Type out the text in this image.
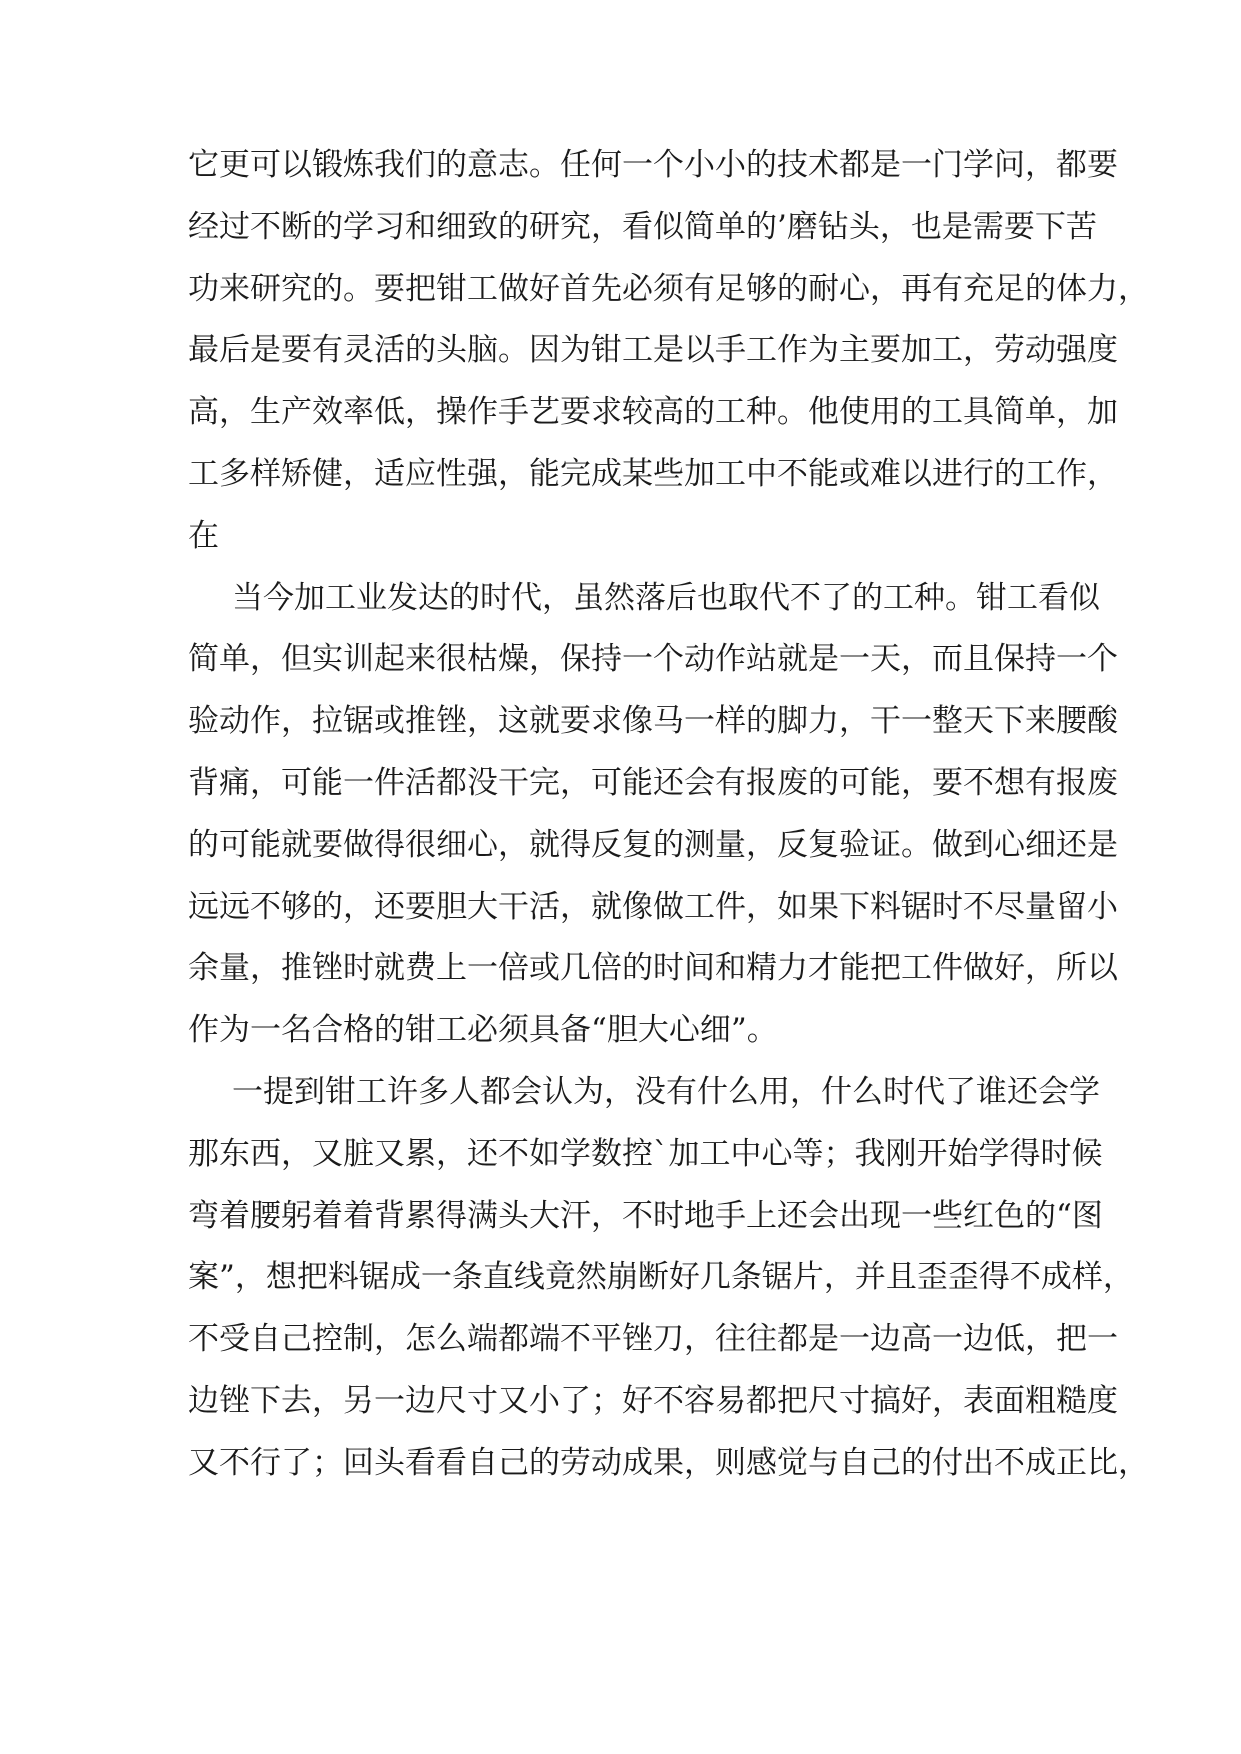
它更可以锻炼我们的意志。任何一个小小的技术都是一门学问，都要
经过不断的学习和细致的研究，看似简单的’磨钻头，也是需要下苦
功来研究的。要把钳工做好首先必须有足够的耐心，再有充足的体力，
最后是要有灵活的头脑。因为钳工是以手工作为主要加工，劳动强度
高，生产效率低，操作手艺要求较高的工种。他使用的工具简单，加
工多样矫健，适应性强，能完成某些加工中不能或难以进行的工作，
在
当今加工业发达的时代，虽然落后也取代不了的工种。钳工看似
简单，但实训起来很枯燥，保持一个动作站就是一天，而且保持一个
验动作，拉锯或推锉，这就要求像马一样的脚力，干一整天下来腰酸
背痛，可能一件活都没干完，可能还会有报废的可能，要不想有报废
的可能就要做得很细心，就得反复的测量，反复验证。做到心细还是
远远不够的，还要胆大干活，就像做工件，如果下料锯时不尽量留小
余量，推锉时就费上一倍或几倍的时间和精力才能把工件做好，所以
作为一名合格的钳工必须具备“胆大心细”。
一提到钳工许多人都会认为，没有什么用，什么时代了谁还会学
那东西，又脏又累，还不如学数控`加工中心等；我刚开始学得时候
弯着腰躬着着背累得满头大汗，不时地手上还会出现一些红色的“图
案”，想把料锯成一条直线竟然崩断好几条锯片，并且歪歪得不成样，
不受自己控制，怎么端都端不平锉刀，往往都是一边高一边低，把一
边锉下去，另一边尺寸又小了；好不容易都把尺寸搞好，表面粗糙度
又不行了；回头看看自己的劳动成果，则感觉与自己的付出不成正比，
